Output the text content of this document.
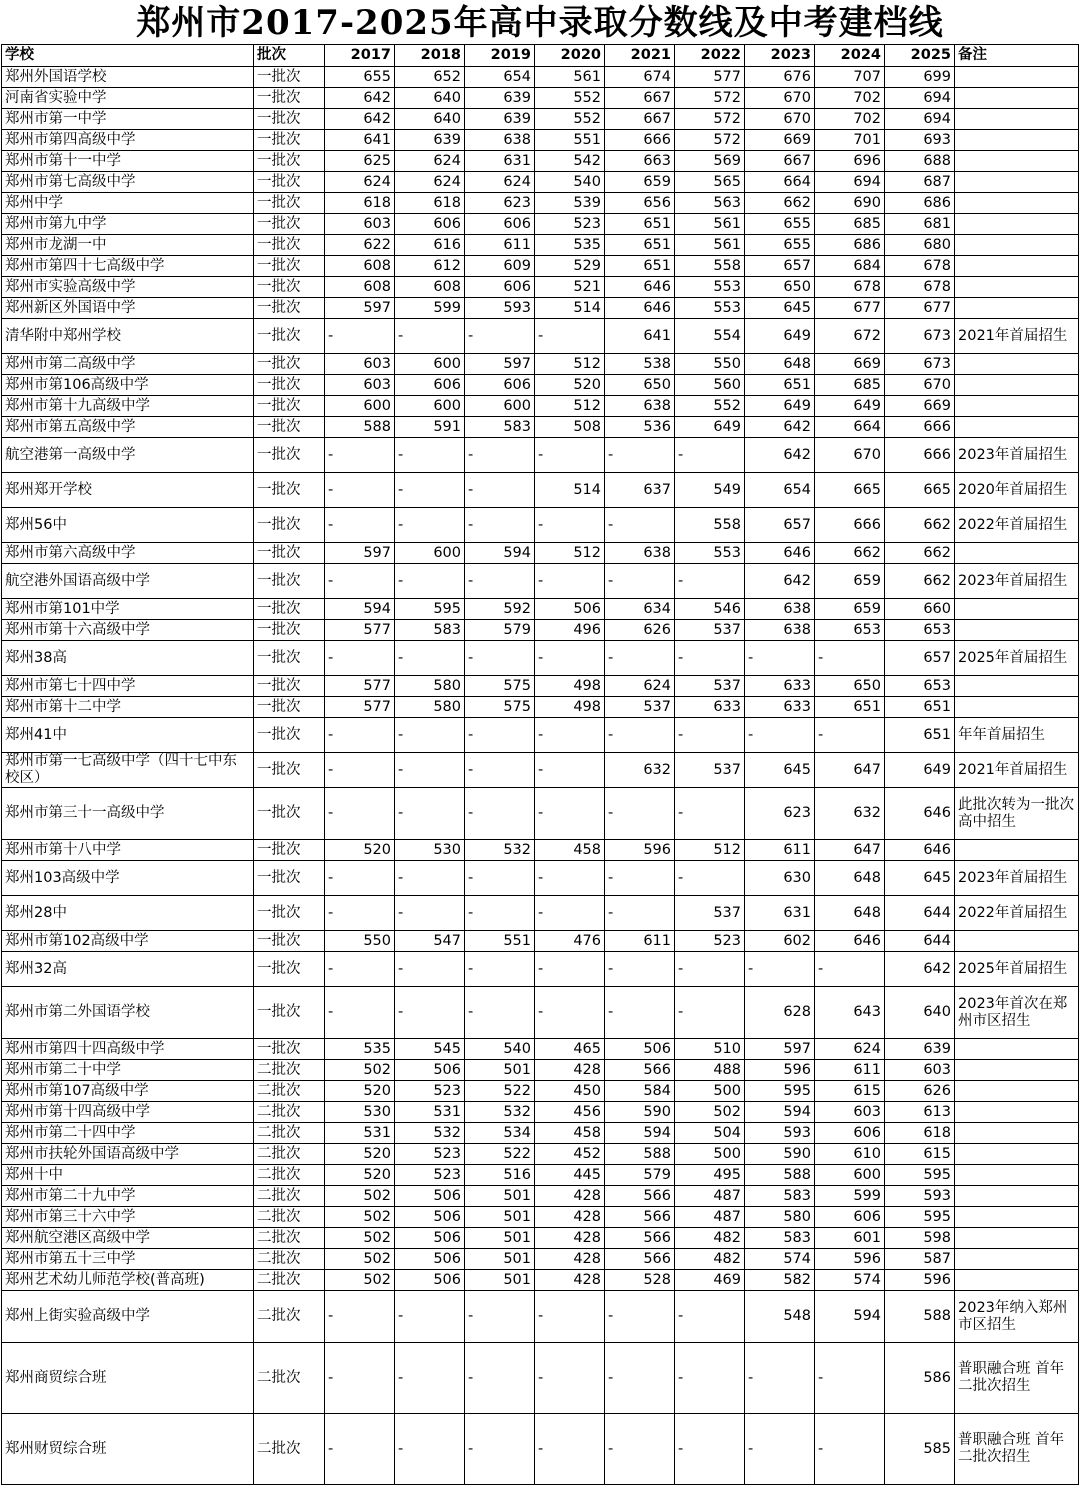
郑州市2017-2025年高中录取分数线及中考建档线
学校	批次	2017	2018	2019	2020	2021	2022	2023	2024	2025	备注
郑州外国语学校	一批次	655	652	654	561	674	577	676	707	699	
河南省实验中学	一批次	642	640	639	552	667	572	670	702	694	
郑州市第一中学	一批次	642	640	639	552	667	572	670	702	694	
郑州市第四高级中学	一批次	641	639	638	551	666	572	669	701	693	
郑州市第十一中学	一批次	625	624	631	542	663	569	667	696	688	
郑州市第七高级中学	一批次	624	624	624	540	659	565	664	694	687	
郑州中学	一批次	618	618	623	539	656	563	662	690	686	
郑州市第九中学	一批次	603	606	606	523	651	561	655	685	681	
郑州市龙湖一中	一批次	622	616	611	535	651	561	655	686	680	
郑州市第四十七高级中学	一批次	608	612	609	529	651	558	657	684	678	
郑州市实验高级中学	一批次	608	608	606	521	646	553	650	678	678	
郑州新区外国语中学	一批次	597	599	593	514	646	553	645	677	677	
清华附中郑州学校	一批次	-	-	-	-	641	554	649	672	673	2021年首届招生
郑州市第二高级中学	一批次	603	600	597	512	538	550	648	669	673	
郑州市第106高级中学	一批次	603	606	606	520	650	560	651	685	670	
郑州市第十九高级中学	一批次	600	600	600	512	638	552	649	649	669	
郑州市第五高级中学	一批次	588	591	583	508	536	649	642	664	666	
航空港第一高级中学	一批次	-	-	-	-	-	-	642	670	666	2023年首届招生
郑州郑开学校	一批次	-	-	-	514	637	549	654	665	665	2020年首届招生
郑州56中	一批次	-	-	-	-	-	558	657	666	662	2022年首届招生
郑州市第六高级中学	一批次	597	600	594	512	638	553	646	662	662	
航空港外国语高级中学	一批次	-	-	-	-	-	-	642	659	662	2023年首届招生
郑州市第101中学	一批次	594	595	592	506	634	546	638	659	660	
郑州市第十六高级中学	一批次	577	583	579	496	626	537	638	653	653	
郑州38高	一批次	-	-	-	-	-	-	-	-	657	2025年首届招生
郑州市第七十四中学	一批次	577	580	575	498	624	537	633	650	653	
郑州市第十二中学	一批次	577	580	575	498	537	633	633	651	651	
郑州41中	一批次	-	-	-	-	-	-	-	-	651	年年首届招生
郑州市第一七高级中学（四十七中东校区）	一批次	-	-	-	-	632	537	645	647	649	2021年首届招生
郑州市第三十一高级中学	一批次	-	-	-	-	-	-	623	632	646	此批次转为一批次高中招生
郑州市第十八中学	一批次	520	530	532	458	596	512	611	647	646	
郑州103高级中学	一批次	-	-	-	-	-	-	630	648	645	2023年首届招生
郑州28中	一批次	-	-	-	-	-	537	631	648	644	2022年首届招生
郑州市第102高级中学	一批次	550	547	551	476	611	523	602	646	644	
郑州32高	一批次	-	-	-	-	-	-	-	-	642	2025年首届招生
郑州市第二外国语学校	一批次	-	-	-	-	-	-	628	643	640	2023年首次在郑州市区招生
郑州市第四十四高级中学	一批次	535	545	540	465	506	510	597	624	639	
郑州市第二十中学	二批次	502	506	501	428	566	488	596	611	603	
郑州市第107高级中学	二批次	520	523	522	450	584	500	595	615	626	
郑州市第十四高级中学	二批次	530	531	532	456	590	502	594	603	613	
郑州市第二十四中学	二批次	531	532	534	458	594	504	593	606	618	
郑州市扶轮外国语高级中学	二批次	520	523	522	452	588	500	590	610	615	
郑州十中	二批次	520	523	516	445	579	495	588	600	595	
郑州市第二十九中学	二批次	502	506	501	428	566	487	583	599	593	
郑州市第三十六中学	二批次	502	506	501	428	566	487	580	606	595	
郑州航空港区高级中学	二批次	502	506	501	428	566	482	583	601	598	
郑州市第五十三中学	二批次	502	506	501	428	566	482	574	596	587	
郑州艺术幼儿师范学校(普高班)	二批次	502	506	501	428	528	469	582	574	596	
郑州上街实验高级中学	二批次	-	-	-	-	-	-	548	594	588	2023年纳入郑州市区招生
郑州商贸综合班	二批次	-	-	-	-	-	-	-	-	586	普职融合班 首年二批次招生
郑州财贸综合班	二批次	-	-	-	-	-	-	-	-	585	普职融合班 首年二批次招生
